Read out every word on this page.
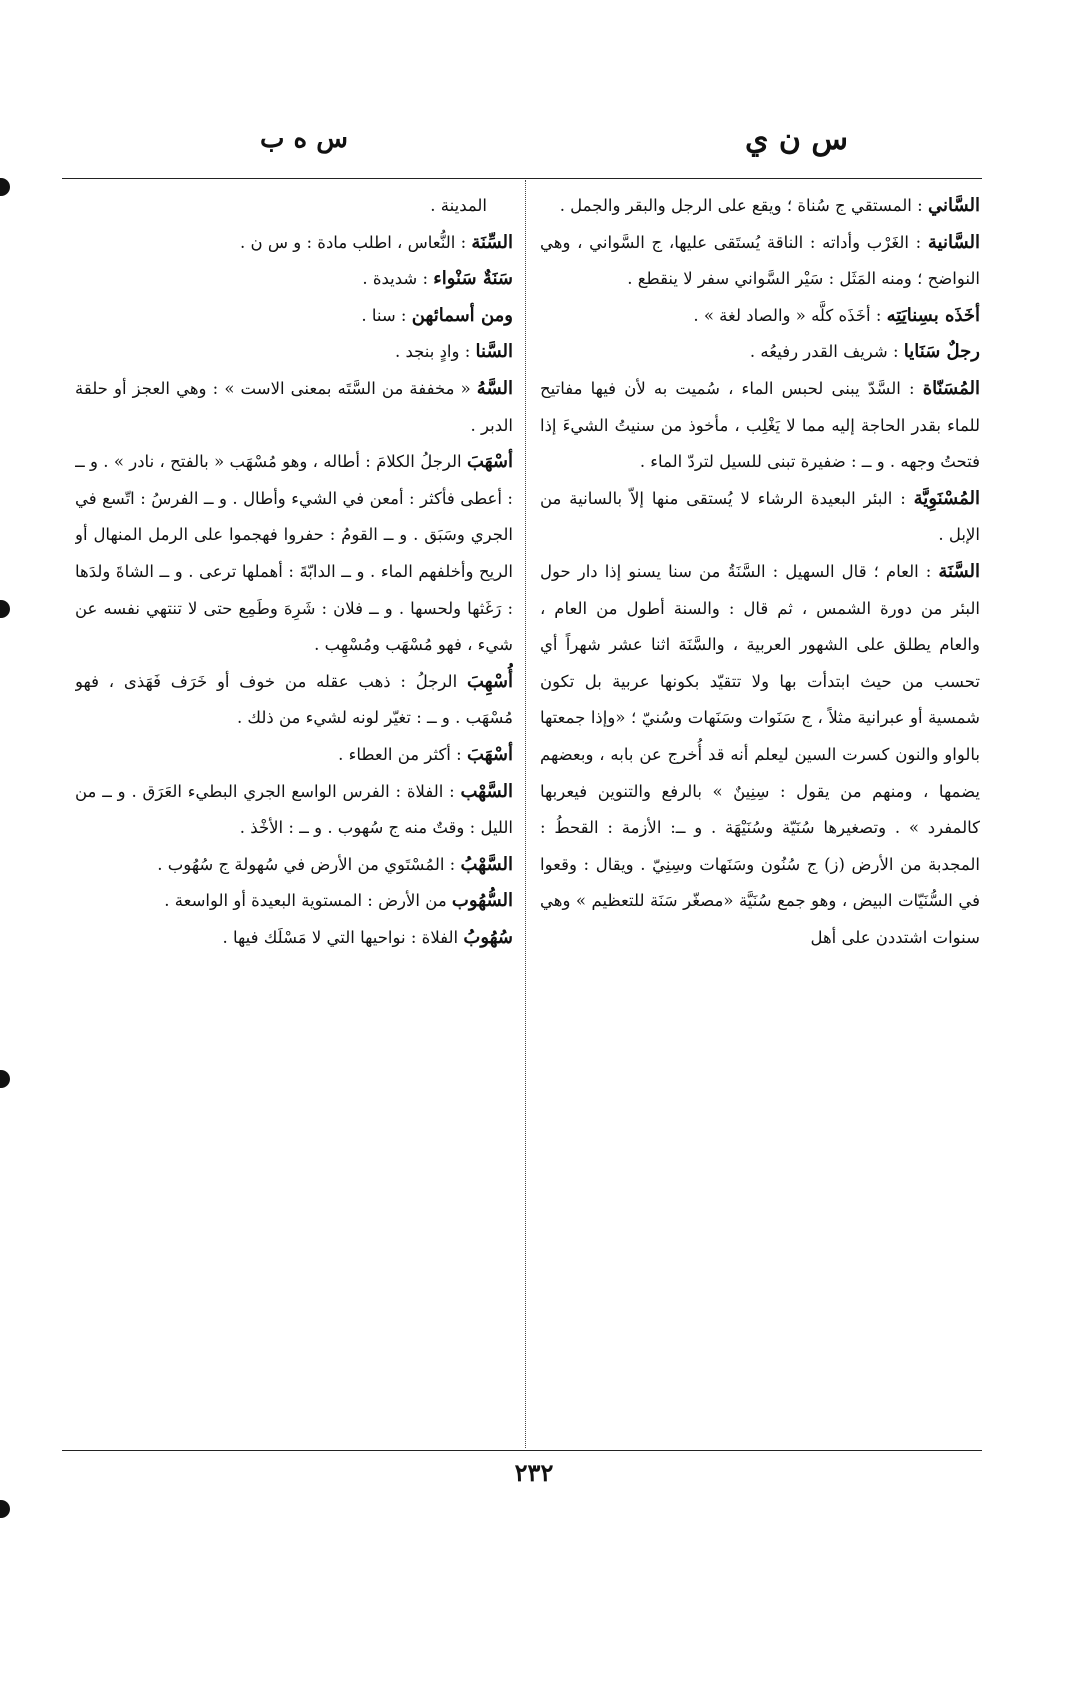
س ن ي
س ه ب
السَّاني : المستقي ج سُناة ؛ ويقع على الرجل والبقر والجمل .
السَّانية : الغَرْب وأداته : الناقة يُستَقى عليها، ج السَّواني ، وهي النواضح ؛ ومنه المَثَل : سَيْر السَّواني سفر لا ينقطع .
أخَذَه بسِنايَتِه : أخَذَه كلَّه « والصاد لغة » .
رجلٌ سَنَايا : شريف القدر رفيعُه .
المُسَنّاة : السَّدّ يبنى لحبس الماء ، سُميت به لأن فيها مفاتيح للماء بقدر الحاجة إليه مما لا يَغْلِب ، مأخوذ من سنيتُ الشيءَ إذا فتحتُ وجهه . و ــ : ضفيرة تبنى للسيل لتردّ الماء .
المُسْنَوِيَّة : البئر البعيدة الرشاء لا يُستقى منها إلاّ بالسانية من الإبل .
السَّنَة : العام ؛ قال السهيل : السَّنَةُ من سنا يسنو إذا دار حول البئر من دورة الشمس ، ثم قال : والسنة أطول من العام ، والعام يطلق على الشهور العربية ، والسَّنَة اثنا عشر شهراً أي تحسب من حيث ابتدأت بها ولا تتقيّد بكونها عربية بل تكون شمسية أو عبرانية مثلاً ، ج سَنَوات وسَنَهات وسُنيّ ؛ «وإذا جمعتها بالواو والنون كسرت السين ليعلم أنه قد أُخرج عن بابه ، وبعضهم يضمها ، ومنهم من يقول : سِنِينٌ » بالرفع والتنوين فيعربها كالمفرد » . وتصغيرها سُنَيّة وسُنَيْهَة . و ــ: الأزمة : القحطُ : المجدبة من الأرض (ز) ج سُنُون وسَنَهات وسِنِيّ . ويقال : وقعوا في السُّنَيّات البيض ، وهو جمع سُنَيَّة «مصغّر سَنَة للتعظيم » وهي سنوات اشتددن على أهل
المدينة .
السِّنَة : النُّعاس ، اطلب مادة : و س ن .
سَنَةٌ سَنْواء : شديدة .
ومن أسمائهن : سنا .
السَّنا : وادٍ بنجد .
السَّهُ « مخففة من السَّتَه بمعنى الاست » : وهي العجز أو حلقة الدبر .
أسْهَبَ الرجلُ الكلامَ : أطاله ، وهو مُسْهَب « بالفتح ، نادر » . و ــ : أعطى فأكثر : أمعن في الشيء وأطال . و ــ الفرسُ : اتّسع في الجري وسَبَق . و ــ القومُ : حفروا فهجموا على الرمل المنهال أو الريح وأخلفهم الماء . و ــ الدابّةَ : أهملها ترعى . و ــ الشاةَ ولدَها : رَغَثها ولحسها . و ــ فلان : شَرِهَ وطَمِع حتى لا تنتهي نفسه عن شيء ، فهو مُسْهَب ومُسْهِب .
أُسْهِبَ الرجلُ : ذهب عقله من خوف أو خَرَف فَهَذى ، فهو مُسْهَب . و ــ : تغيّر لونه لشيء من ذلك .
أسْهَبَ : أكثر من العطاء .
السَّهْب : الفلاة : الفرس الواسع الجري البطيء العَرَق . و ــ من الليل : وقتٌ منه ج سُهوب . و ــ : الأخْذ .
السَّهْبُ : المُسْتَوي من الأرض في سُهولة ج سُهُوب .
السُّهُوب من الأرض : المستوية البعيدة أو الواسعة .
سُهُوبُ الفلاة : نواحيها التي لا مَسْلَك فيها .
٢٣٢
